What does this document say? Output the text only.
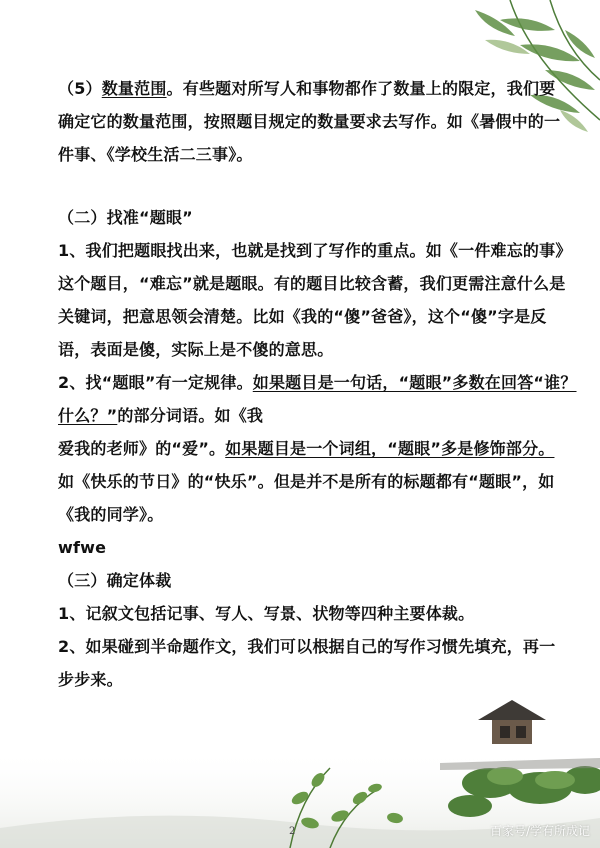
（5）数量范围。有些题对所写人和事物都作了数量上的限定，我们要
确定它的数量范围，按照题目规定的数量要求去写作。如《暑假中的一
件事、《学校生活二三事》。
（二）找准“题眼”
1、我们把题眼找出来，也就是找到了写作的重点。如《一件难忘的事》
这个题目，“难忘”就是题眼。有的题目比较含蓄，我们更需注意什么是
关键词，把意思领会清楚。比如《我的“傻”爸爸》，这个“傻”字是反
语，表面是傻，实际上是不傻的意思。
2、找“题眼”有一定规律。如果题目是一句话，“题眼”多数在回答“谁？
什么？”的部分词语。如《我
爱我的老师》的“爱”。如果题目是一个词组，“题眼”多是修饰部分。
如《快乐的节日》的“快乐”。但是并不是所有的标题都有“题眼”，如
《我的同学》。
wfwe
（三）确定体裁
1、记叙文包括记事、写人、写景、状物等四种主要体裁。
2、如果碰到半命题作文，我们可以根据自己的写作习惯先填充，再一
步步来。
2	百家号/学有所成记
